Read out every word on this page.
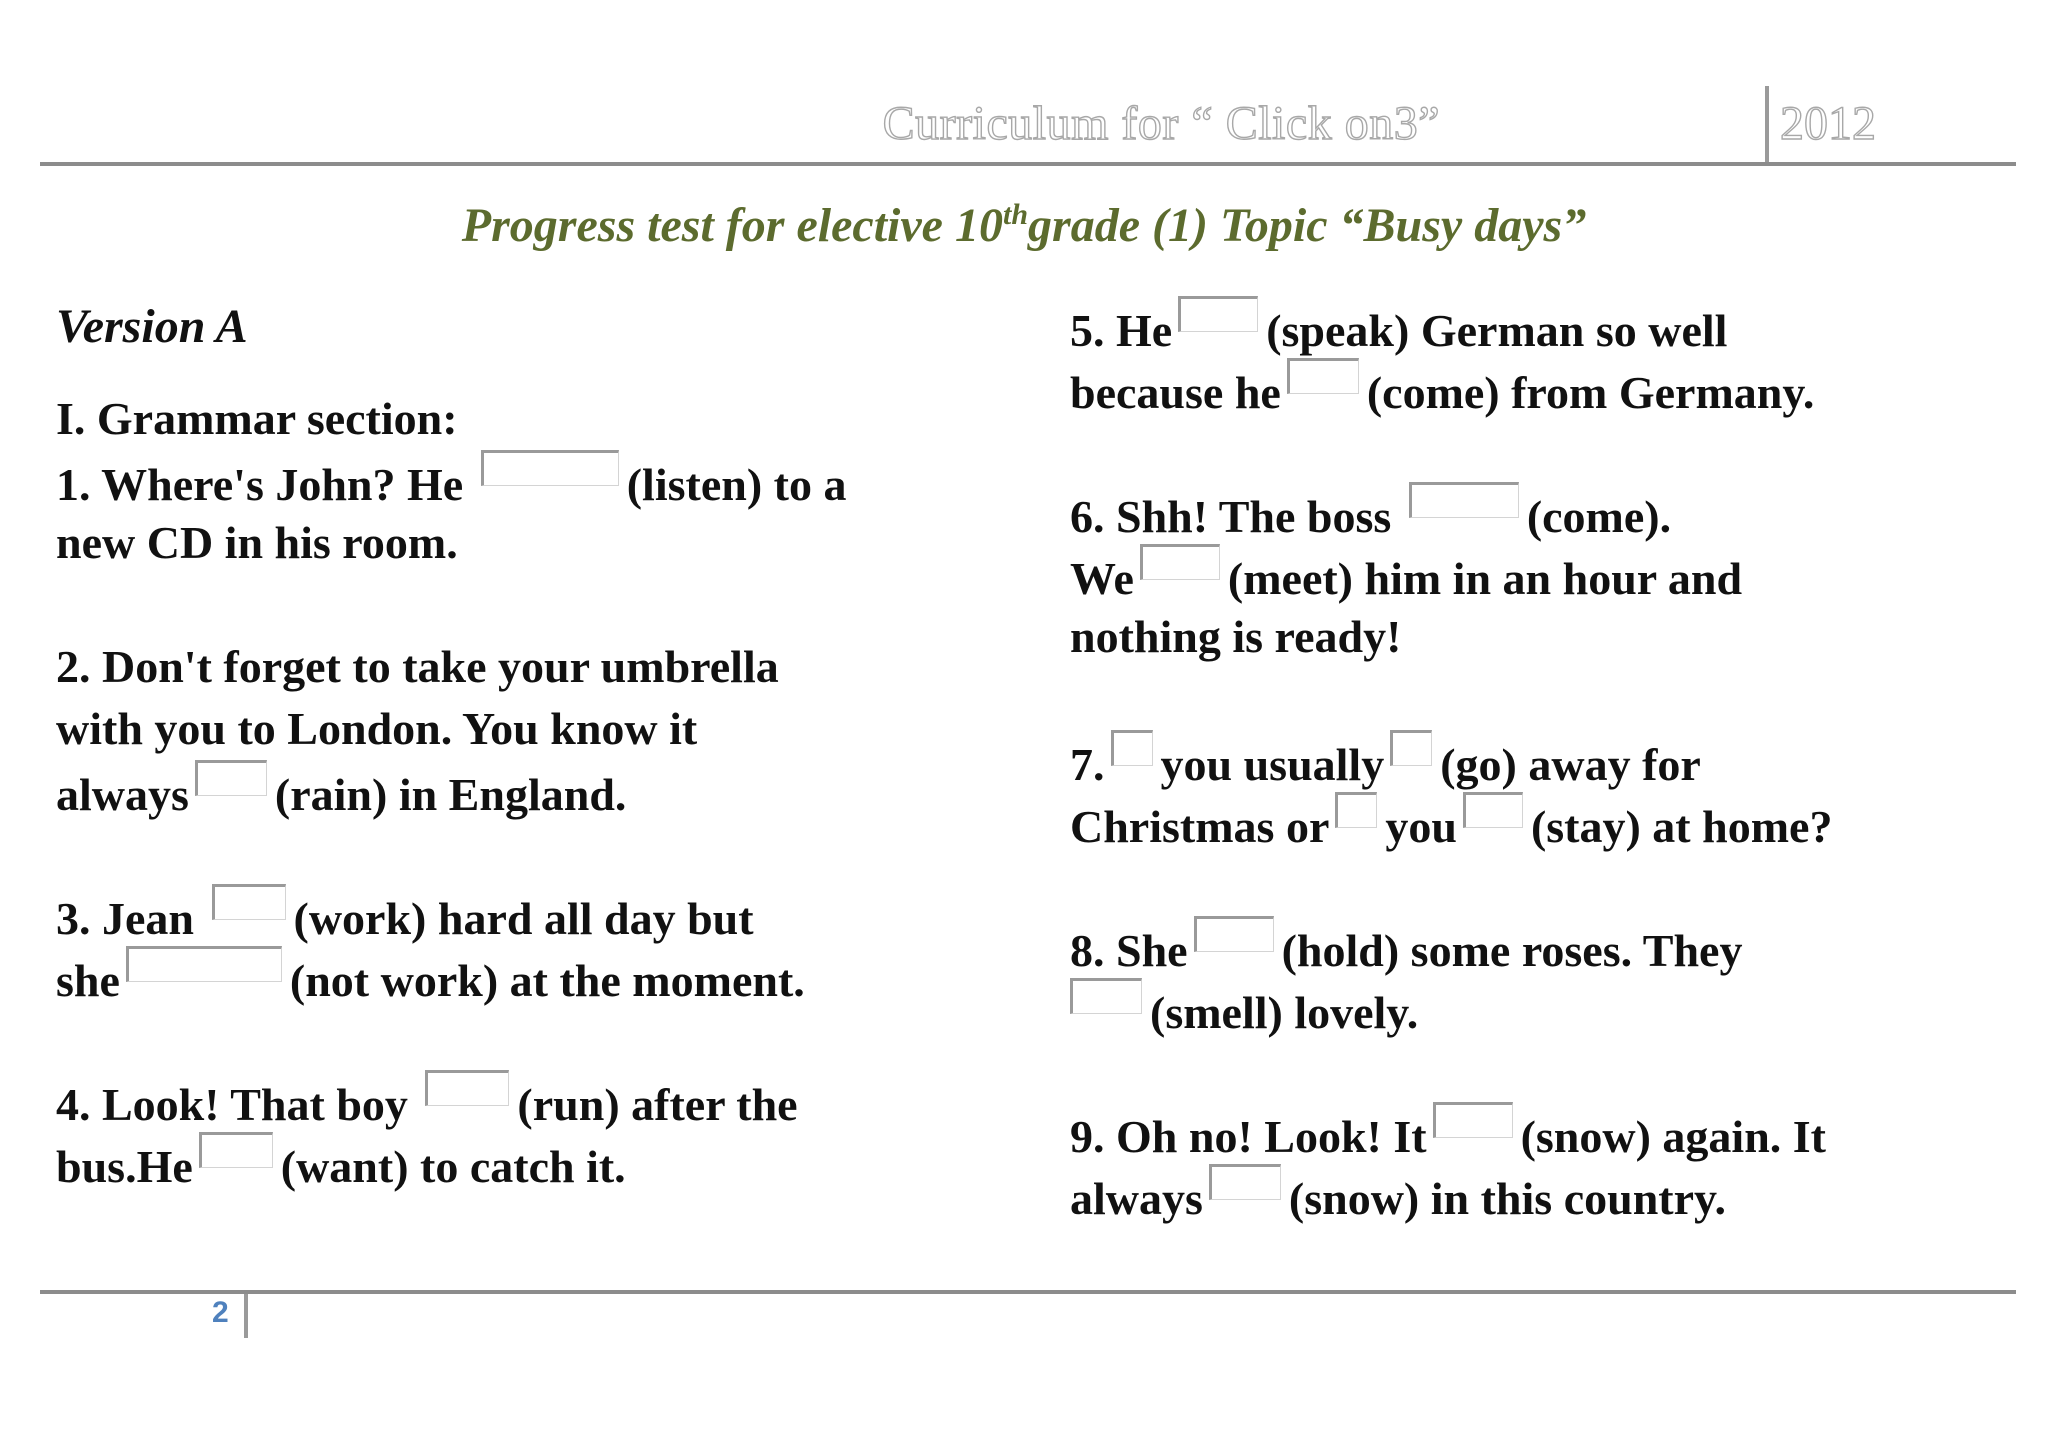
Curriculum for “ Click on3”	2012
Progress test for elective 10thgrade (1) Topic “Busy days”
Version A
I. Grammar section:
1. Where's John? He	(listen) to a
new CD in his room.
2. Don't forget to take your umbrella
with you to London. You know it
always (rain) in England.
3. Jean (work) hard all day but
she	(not work) at the moment.
4. Look! That boy (run) after the
bus.He (want) to catch it.
5. He (speak) German so well
because he (come) from Germany.
6. Shh! The boss	(come).
We (meet) him in an hour and
nothing is ready!
7. you usually (go) away for
Christmas or you (stay) at home?
8. She (hold) some roses. They
(smell) lovely.
9. Oh no! Look! It (snow) again. It
always (snow) in this country.
2
